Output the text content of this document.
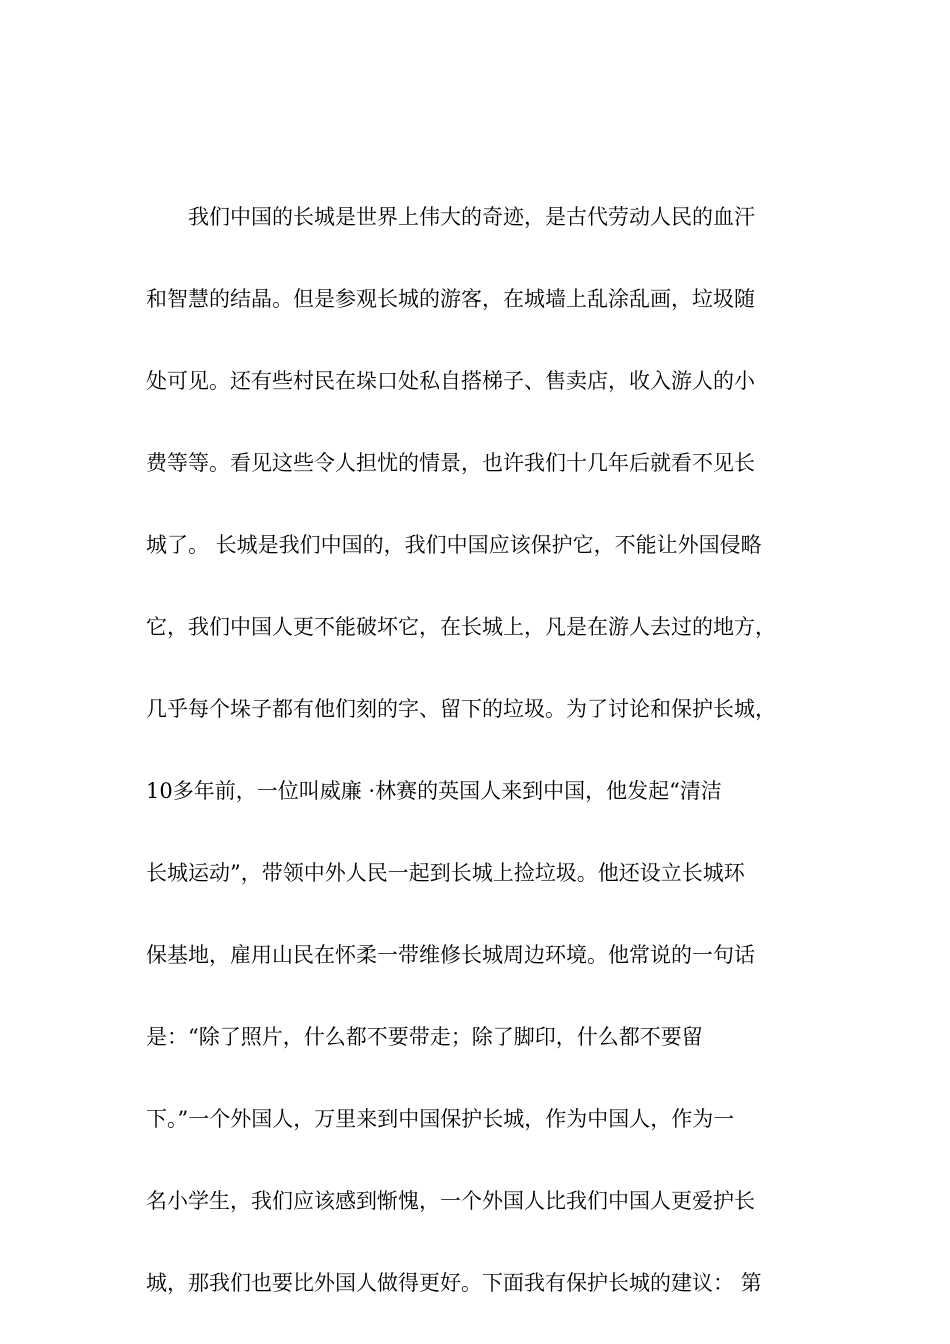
　　我们中国的长城是世界上伟大的奇迹，是古代劳动人民的血汗
和智慧的结晶。但是参观长城的游客，在城墙上乱涂乱画，垃圾随
处可见。还有些村民在垛口处私自搭梯子、售卖店，收入游人的小
费等等。看见这些令人担忧的情景，也许我们十几年后就看不见长
城了。 长城是我们中国的，我们中国应该保护它，不能让外国侵略
它，我们中国人更不能破坏它，在长城上，凡是在游人去过的地方，
几乎每个垛子都有他们刻的字、留下的垃圾。为了讨论和保护长城，
10多年前，一位叫威廉 ·林赛的英国人来到中国，他发起“清洁
长城运动”，带领中外人民一起到长城上捡垃圾。他还设立长城环
保基地，雇用山民在怀柔一带维修长城周边环境。他常说的一句话
是：“除了照片，什么都不要带走；除了脚印，什么都不要留
下。”一个外国人，万里来到中国保护长城，作为中国人，作为一
名小学生，我们应该感到惭愧，一个外国人比我们中国人更爱护长
城，那我们也要比外国人做得更好。下面我有保护长城的建议： 第
